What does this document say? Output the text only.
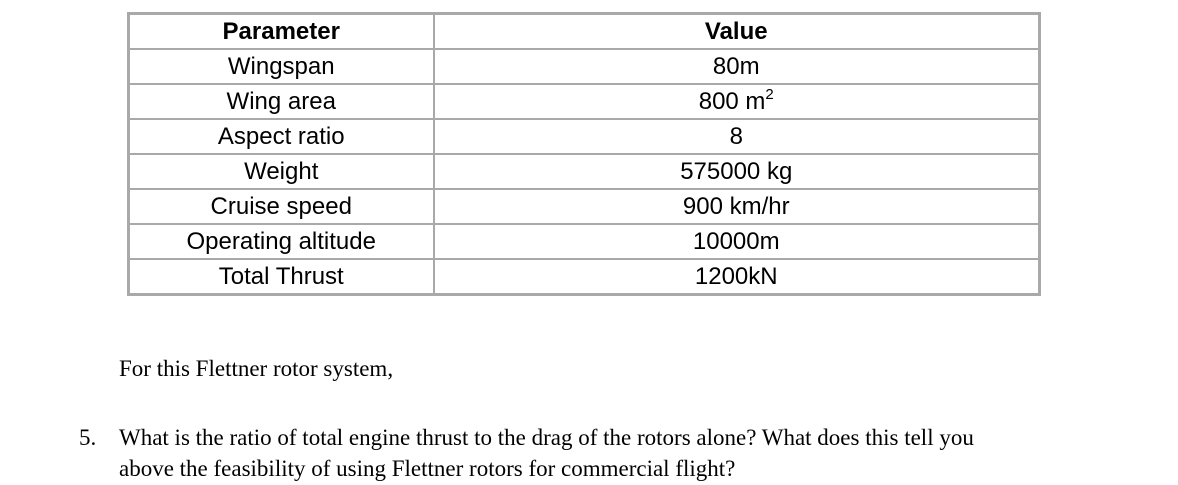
Parameter	Value
Wingspan	80m
Wing area	800 $m^2$
Aspect ratio	8
Weight	575000 kg
Cruise speed	900 km/hr
Operating altitude	10000m
Total Thrust	1200kN

For this Flettner rotor system,

5. What is the ratio of total engine thrust to the drag of the rotors alone? What does this tell you
above the feasibility of using Flettner rotors for commercial flight?
